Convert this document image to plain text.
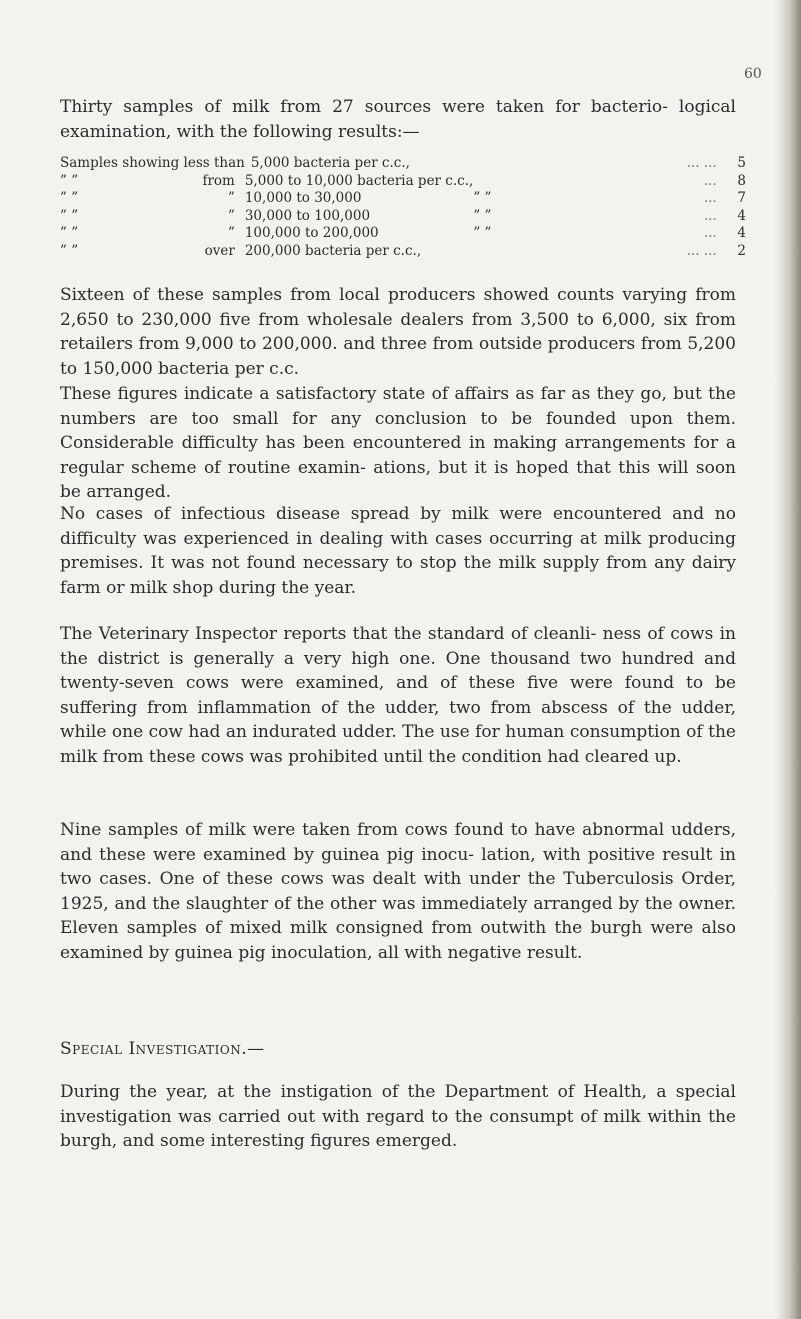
60

Thirty samples of milk from 27 sources were taken for bacterio- logical examination, with the following results:—

Samples showing less than		5,000 bacteria per c.c.,		... ...	5
” ”	from	5,000 to 10,000 bacteria per c.c.,		...	8
” ”	”	10,000 to 30,000	” ”	...	7
” ”	”	30,000 to 100,000	” ”	...	4
” ”	”	100,000 to 200,000	” ”	...	4
” ”	over	200,000 bacteria per c.c.,		... ...	2

Sixteen of these samples from local producers showed counts varying from 2,650 to 230,000 five from wholesale dealers from 3,500 to 6,000, six from retailers from 9,000 to 200,000. and three from outside producers from 5,200 to 150,000 bacteria per c.c.

These figures indicate a satisfactory state of affairs as far as they go, but the numbers are too small for any conclusion to be founded upon them. Considerable difficulty has been encountered in making arrangements for a regular scheme of routine examin- ations, but it is hoped that this will soon be arranged.

No cases of infectious disease spread by milk were encountered and no difficulty was experienced in dealing with cases occurring at milk producing premises. It was not found necessary to stop the milk supply from any dairy farm or milk shop during the year.

The Veterinary Inspector reports that the standard of cleanli- ness of cows in the district is generally a very high one. One thousand two hundred and twenty-seven cows were examined, and of these five were found to be suffering from inflammation of the udder, two from abscess of the udder, while one cow had an indurated udder. The use for human consumption of the milk from these cows was prohibited until the condition had cleared up.

Nine samples of milk were taken from cows found to have abnormal udders, and these were examined by guinea pig inocu- lation, with positive result in two cases. One of these cows was dealt with under the Tuberculosis Order, 1925, and the slaughter of the other was immediately arranged by the owner. Eleven samples of mixed milk consigned from outwith the burgh were also examined by guinea pig inoculation, all with negative result.

Special Investigation.—

During the year, at the instigation of the Department of Health, a special investigation was carried out with regard to the consumpt of milk within the burgh, and some interesting figures emerged.
